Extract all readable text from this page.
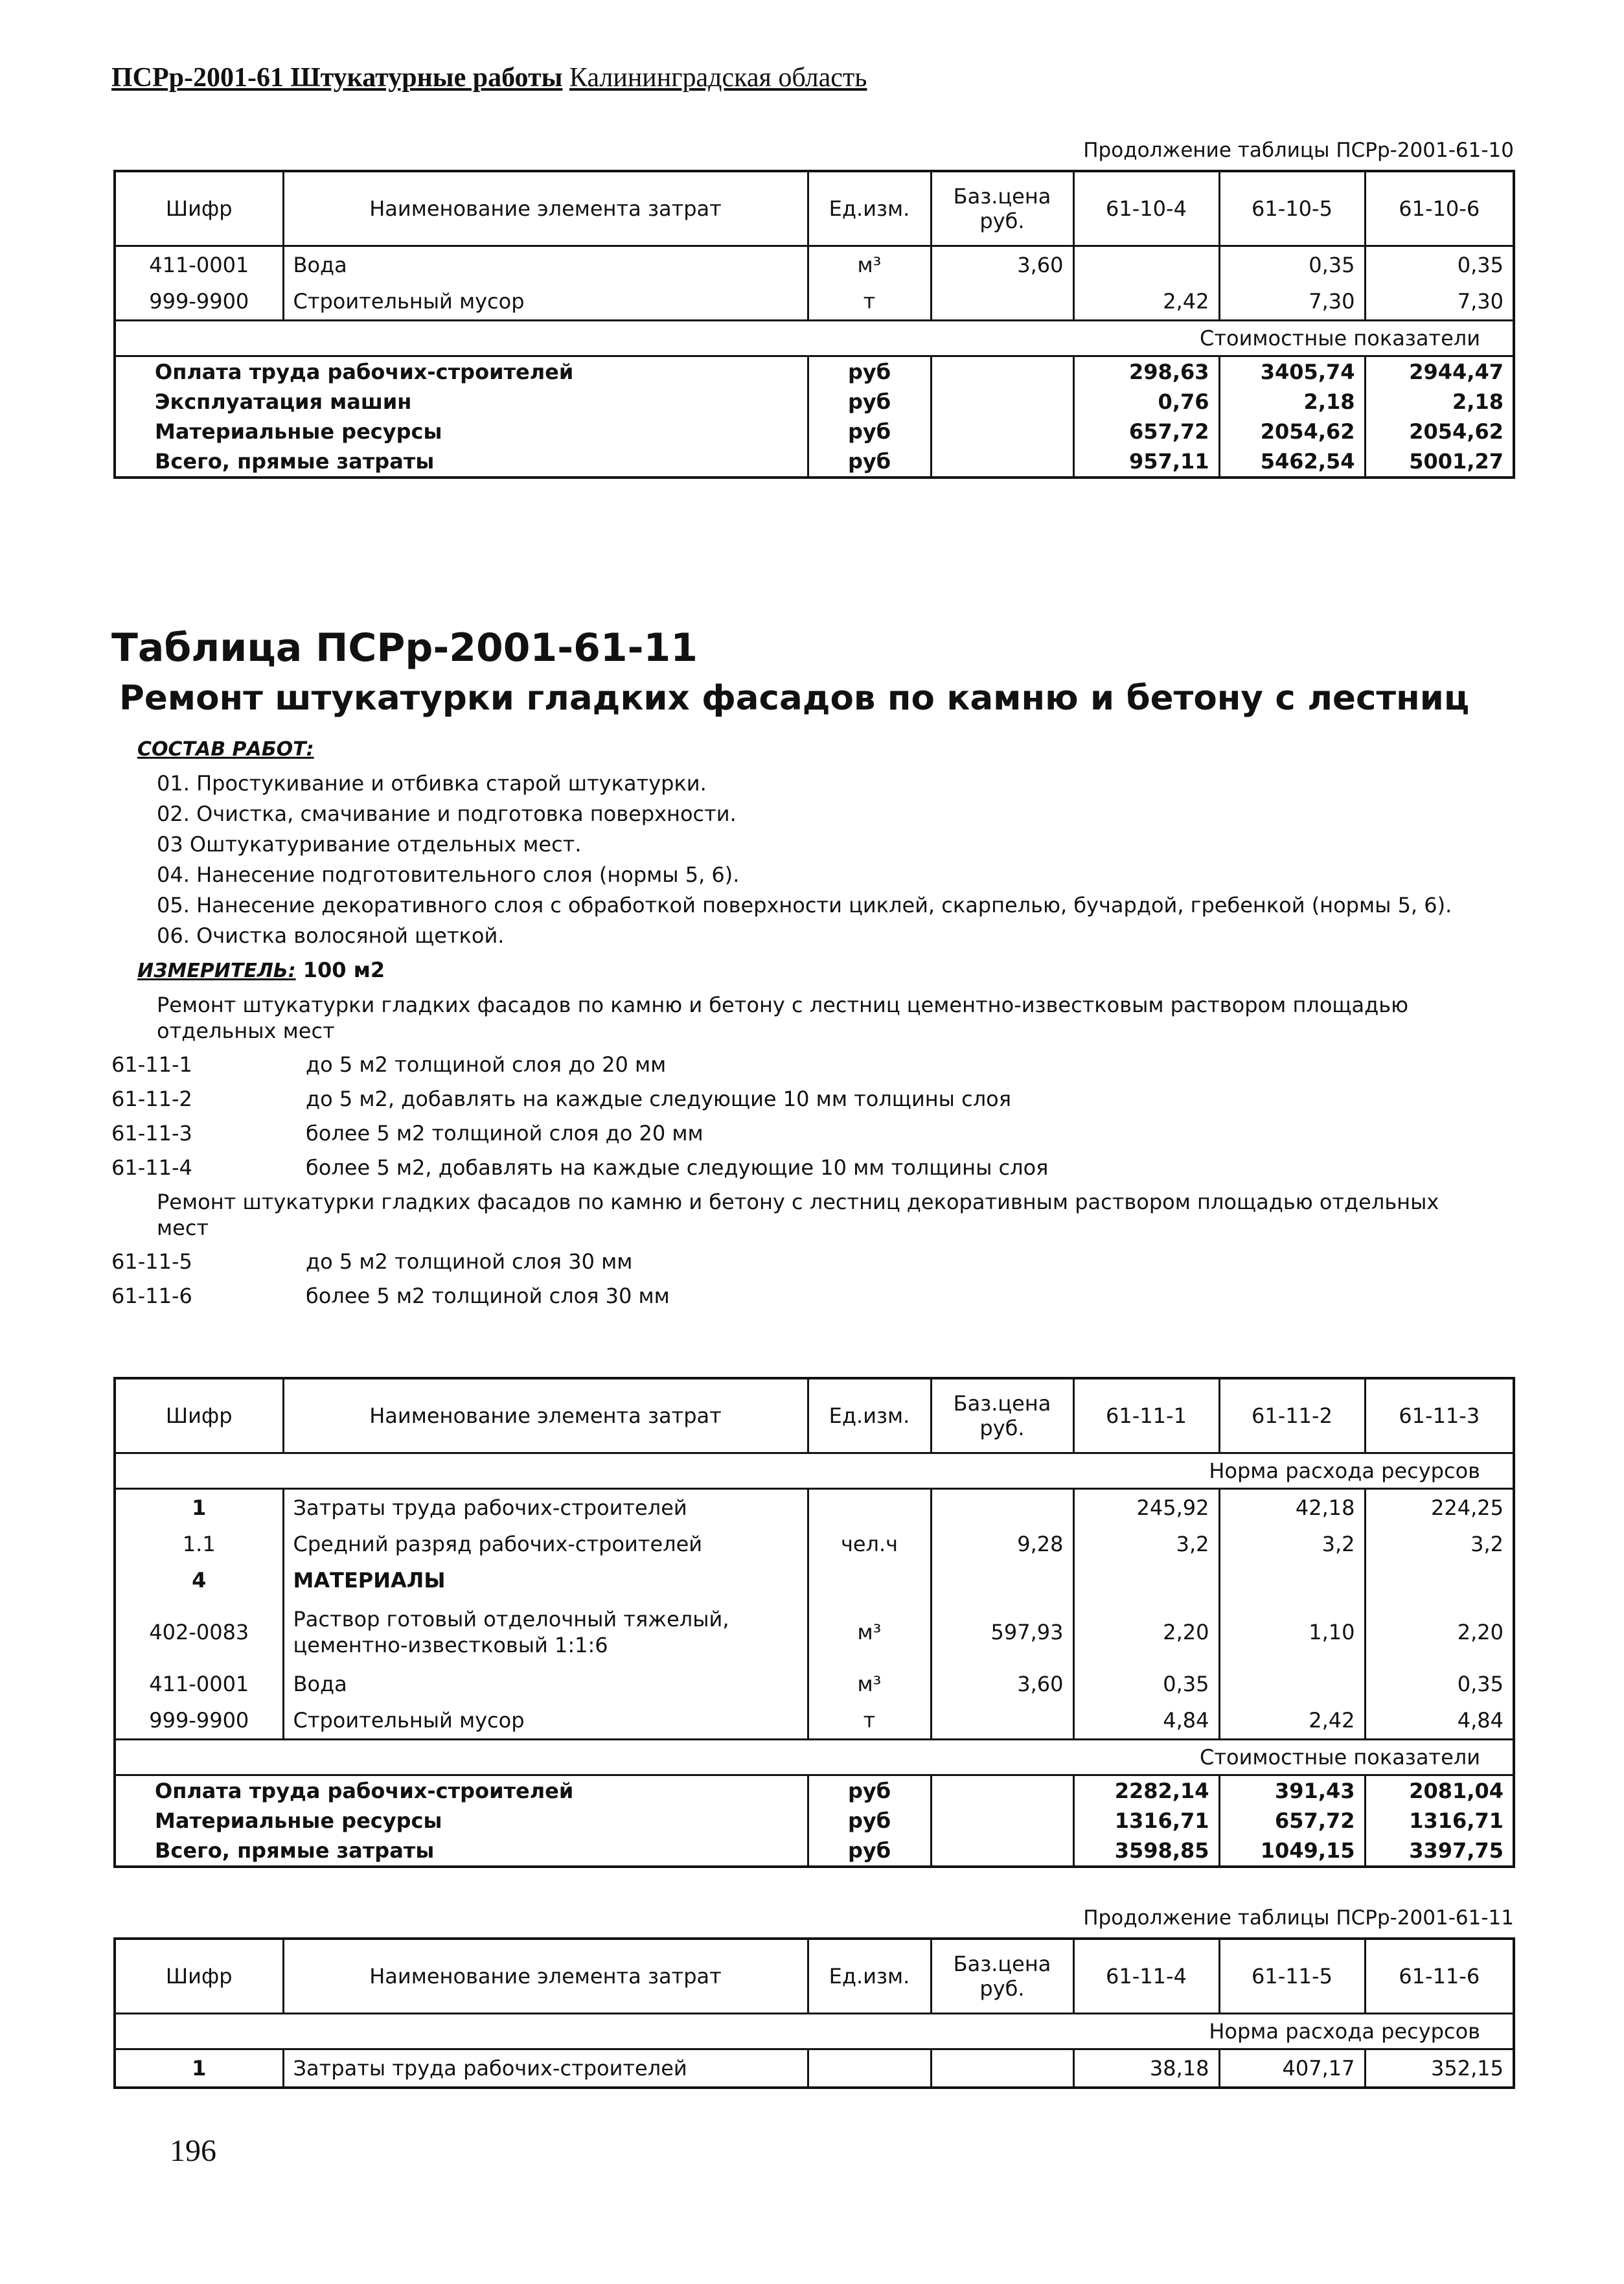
ПСРр-2001-61 Штукатурные работы Калининградская область
Продолжение таблицы ПСРр-2001-61-10
Шифр	Наименование элемента затрат	Ед.изм.	Баз.цена руб.	61-10-4	61-10-5	61-10-6
411-0001	Вода	м³	3,60		0,35	0,35
999-9900	Строительный мусор	т		2,42	7,30	7,30
Стоимостные показатели						
Оплата труда рабочих-строителей		руб		298,63	3405,74	2944,47
Эксплуатация машин		руб		0,76	2,18	2,18
Материальные ресурсы		руб		657,72	2054,62	2054,62
Всего, прямые затраты		руб		957,11	5462,54	5001,27
Таблица ПСРр-2001-61-11
Ремонт штукатурки гладких фасадов по камню и бетону с лестниц
СОСТАВ РАБОТ:
01. Простукивание и отбивка старой штукатурки.
02. Очистка, смачивание и подготовка поверхности.
03 Оштукатуривание отдельных мест.
04. Нанесение подготовительного слоя (нормы 5, 6).
05. Нанесение декоративного слоя с обработкой поверхности циклей, скарпелью, бучардой, гребенкой (нормы 5, 6).
06. Очистка волосяной щеткой.
ИЗМЕРИТЕЛЬ: 100 м2
Ремонт штукатурки гладких фасадов по камню и бетону с лестниц цементно-известковым раствором площадью отдельных мест
61-11-1	до 5 м2 толщиной слоя до 20 мм
61-11-2	до 5 м2, добавлять на каждые следующие 10 мм толщины слоя
61-11-3	более 5 м2 толщиной слоя до 20 мм
61-11-4	более 5 м2, добавлять на каждые следующие 10 мм толщины слоя
Ремонт штукатурки гладких фасадов по камню и бетону с лестниц декоративным раствором площадью отдельных мест
61-11-5	до 5 м2 толщиной слоя 30 мм
61-11-6	более 5 м2 толщиной слоя 30 мм
Шифр	Наименование элемента затрат	Ед.изм.	Баз.цена руб.	61-11-1	61-11-2	61-11-3
Норма расхода ресурсов						
1	Затраты труда рабочих-строителей			245,92	42,18	224,25
1.1	Средний разряд рабочих-строителей	чел.ч	9,28	3,2	3,2	3,2
4	МАТЕРИАЛЫ					
402-0083	Раствор готовый отделочный тяжелый, цементно-известковый 1:1:6	м³	597,93	2,20	1,10	2,20
411-0001	Вода	м³	3,60	0,35		0,35
999-9900	Строительный мусор	т		4,84	2,42	4,84
Стоимостные показатели						
Оплата труда рабочих-строителей		руб		2282,14	391,43	2081,04
Материальные ресурсы		руб		1316,71	657,72	1316,71
Всего, прямые затраты		руб		3598,85	1049,15	3397,75
Продолжение таблицы ПСРр-2001-61-11
Шифр	Наименование элемента затрат	Ед.изм.	Баз.цена руб.	61-11-4	61-11-5	61-11-6
Норма расхода ресурсов						
1	Затраты труда рабочих-строителей			38,18	407,17	352,15
196
